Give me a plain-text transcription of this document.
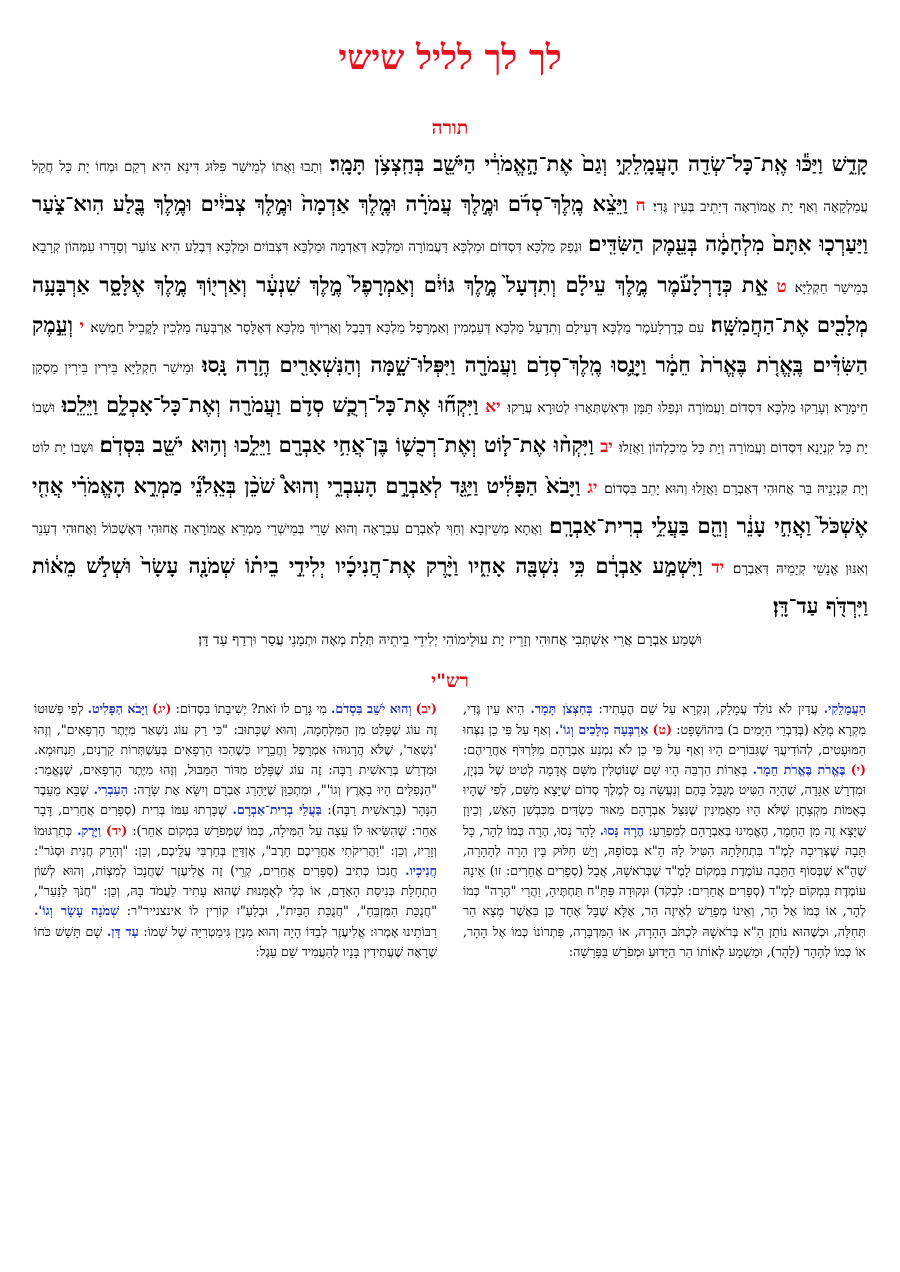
לך לך לליל שישי
תורה
קָדֵ֑שׁ וַיַּכּ֕וּ אֶֽת־כָּל־שְׂדֵ֖ה הָעֲמָֽלֵקִ֑י וְגַם֙ אֶת־הָ֣אֱמֹרִ֔י הַיֹּשֵׁ֖ב בְּחַֽצְצֹ֥ן תָּמָֽר׃ וְתָבוּ וַאֲתוֹ לְמֵישַׁר פִּלּוּג דִּינָא הִיא רְקַם וּמְחוֹ יָת כָּל חֲקַל עֲמַלְקָאָה וְאַף יָת אֱמוֹרָאָה דְּיָתֵיב בְּעֵין גֶּדִי׃ ח וַיֵּצֵ֨א מֶֽלֶךְ־סְדֹ֜ם וּמֶ֣לֶךְ עֲמֹרָ֗ה וּמֶ֤לֶךְ אַדְמָה֙ וּמֶ֣לֶךְ צְבֹיִ֔ים וּמֶ֥לֶךְ בֶּ֖לַע הִוא־צֹ֑עַר וַיַּעַרְכ֤וּ אִתָּם֙ מִלְחָמָ֔ה בְּעֵ֖מֶק הַשִּׂדִּֽים׃ וּנְפַק מַלְכָּא דִּסְדוֹם וּמַלְכָּא דַּעֲמוֹרָה וּמַלְכָּא דְּאַדְמָה וּמַלְכָּא דִּצְבוֹיִם וּמַלְכָּא דְּבֶלַע הִיא צוֹעַר וְסַדָּרוּ עִמְּהוֹן קְרָבָא בְּמֵישַׁר חַקְלַיָּא׃ ט אֵ֣ת כְּדָרְלָעֹ֡מֶר מֶ֣לֶךְ עֵילָ֗ם וְתִדְעָל֙ מֶ֣לֶךְ גּוֹיִ֔ם וְאַמְרָפֶל֙ מֶ֣לֶךְ שִׁנְעָ֔ר וְאַרְי֖וֹךְ מֶ֣לֶךְ אֶלָּסָ֑ר אַרְבָּעָ֥ה מְלָכִ֖ים אֶת־הַחֲמִשָּֽׁה׃ עִם כְּדָרְלָעֹמֶר מַלְכָּא דְּעֵילָם וְתִדְעָל מַלְכָּא דְּעַמְמִין וְאַמְרָפֶל מַלְכָּא דְּבָבֶל וְאַרְיוֹךְ מַלְכָּא דְּאֶלָּסָר אַרְבְּעָה מַלְכִין לָקֳבֵיל חַמְשָׁא׃ י וְעֵ֣מֶק הַשִּׂדִּ֗ים בֶּֽאֱרֹ֤ת בֶּאֱרֹת֙ חֵמָ֔ר וַיָּנֻ֛סוּ מֶֽלֶךְ־סְדֹ֥ם וַעֲמֹרָ֖ה וַיִּפְּלוּ־שָׁ֑מָּה וְהַנִּשְׁאָרִ֖ים הֶ֥רָה נָּֽסוּ׃ וּמֵישַׁר חַקְלַיָּא בֵּירִין בֵּירִין מַסְקָן חֵימָרָא וְעָרַקוּ מַלְכָּא דִּסְדוֹם וַעֲמוֹרָה וּנְפַלוּ תַּמָּן וּדְאִשְׁתְּאָרוּ לְטוּרָא עֲרַקוּ׃ יא וַיִּקְח֞וּ אֶת־כָּל־רְכֻ֧שׁ סְדֹ֛ם וַעֲמֹרָ֖ה וְאֶת־כָּל־אָכְלָ֑ם וַיֵּלֵֽכוּ׃ וּשְׁבוֹ יָת כָּל קִנְיָנָא דִּסְדוֹם וַעֲמוֹרָה וְיָת כָּל מֵיכַלְהוֹן וַאֲזַלוּ׃ יב וַיִּקְח֨וּ אֶת־ל֧וֹט וְאֶת־רְכֻשׁ֛וֹ בֶּן־אֲחִ֥י אַבְרָ֖ם וַיֵּלֵ֑כוּ וְה֥וּא יֹשֵׁ֖ב בִּסְדֹֽם׃ וּשְׁבוֹ יָת לוֹט וְיָת קִנְיָנֵיהּ בַּר אֲחוּהִי דְּאַבְרָם וַאֲזַלוּ וְהוּא יָתֵב בִּסְדוֹם׃ יג וַיָּבֹא֙ הַפָּלִ֔יט וַיַּגֵּ֖ד לְאַבְרָ֣ם הָעִבְרִ֑י וְהוּא֩ שֹׁכֵ֨ן בְּאֵֽלֹנֵ֜י מַמְרֵ֣א הָאֱמֹרִ֗י אֲחִ֤י אֶשְׁכֹּל֙ וַאֲחִ֣י עָנֵ֔ר וְהֵ֖ם בַּעֲלֵ֥י בְרִית־אַבְרָֽם׃ וַאֲתָא מְשֵׁיזְבָא וְחַוִּי לְאַבְרָם עִבְרָאָה וְהוּא שָׁרֵי בְּמֵישְׁרֵי מַמְרֵא אֱמוֹרָאָה אֲחוּהִי דְּאֶשְׁכּוֹל וַאֲחוּהִי דְעָנֵר וְאִנּוּן אֱנָשֵׁי קְיָמֵיהּ דְּאַבְרָם׃ יד וַיִּשְׁמַ֣ע אַבְרָ֔ם כִּ֥י נִשְׁבָּ֖ה אָחִ֑יו וַיָּ֨רֶק אֶת־חֲנִיכָ֜יו יְלִידֵ֣י בֵית֗וֹ שְׁמֹנָ֤ה עָשָׂר֙ וּשְׁלֹ֣שׁ מֵא֔וֹת וַיִּרְדֹּ֖ף עַד־דָּֽן׃
וּשְׁמַע אַבְרָם אֲרֵי אִשְׁתְּבִי אֲחוּהִי וְזָרֵיז יָת עוּלֵימוֹהִי יְלִידֵי בֵיתֵיהּ תְּלָת מְאָה וּתְמָנֵי עֲסַר וּרְדַף עַד דָּן׃
רש"י
הָעֲמָלֵקִי. עֲדַיִן לֹא נוֹלַד עֲמָלֵק, וְנִקְרָא עַל שֵׁם הֶעָתִיד: בְּחַצְצֹן תָּמָר. הִיא עֵין גֶּדִי, מִקְרָא מָלֵא (בְּדִבְרֵי הַיָּמִים ב) בִּיהוֹשָׁפָט: (ט) אַרְבָּעָה מְלָכִים וְגוֹ'. וְאַף עַל פִּי כֵן נִצְּחוּ הַמּוּעָטִים, לְהוֹדִיעֲךָ שֶׁגִּבּוֹרִים הָיוּ וְאַף עַל פִּי כֵן לֹא נִמְנַע אַבְרָהָם מִלִּרְדֹּף אַחֲרֵיהֶם: (י) בֶּאֱרֹת בֶּאֱרֹת חֵמָר. בְּאֵרוֹת הַרְבֵּה הָיוּ שָׁם שֶׁנּוֹטְלִין מִשָּׁם אֲדָמָה לְטִיט שֶׁל בִּנְיָן, וּמִדְרַשׁ אַגָּדָה, שֶׁהָיָה הַטִּיט מְגֻבָּל בָּהֶם וְנַעֲשָׂה נֵס לְמֶלֶךְ סְדוֹם שֶׁיָּצָא מִשָּׁם, לְפִי שֶׁהָיוּ בָאֻמּוֹת מִקְצָתָן שֶׁלֹּא הָיוּ מַאֲמִינִין שֶׁנִּצַּל אַבְרָהָם מֵאוּר כַּשְׂדִּים מִכִּבְשַׁן הָאֵשׁ, וְכֵיוָן שֶׁיָּצָא זֶה מִן הַחֵמָר, הֶאֱמִינוּ בְּאַבְרָהָם לְמַפְרֵעַ: הֶרָה נָּסוּ. לָהָר נָסוּ, הֶרָה כְּמוֹ לְהָר, כָּל תֵּבָה שֶׁצְּרִיכָה לָמֶ"ד בִּתְחִלָּתָהּ הִטִּיל לָהּ הֵ"א בְּסוֹפָהּ, וְיֵשׁ חִלּוּק בֵּין הָרָה לְהָהָרָה, שֶׁהֵ"א שֶׁבְּסוֹף הַתֵּבָה עוֹמֶדֶת בִּמְקוֹם לָמֶ"ד שֶׁבְּרֹאשָׁהּ, אֲבָל (סְפָרִים אֲחֵרִים: זו) אֵינָהּ עוֹמֶדֶת בִּמְקוֹם לָמֶ"ד (סְפָרִים אֲחֵרִים: לִבְקֹד) וּנְקוּדָה פַּתָּ"ח תַּחְתֶּיהָ, וַהֲרֵי "הֶרָה" כְּמוֹ לְהָר, אוֹ כְּמוֹ אֶל הַר, וְאֵינוֹ מְפָרֵשׁ לְאֵיזֶה הַר, אֶלָּא שֶׁבָּל אֶחָד כֵּן בַּאֲשֶׁר מָצָא הַר תְּחִלָּה, וּכְשֶׁהוּא נוֹתֵן הֵ"א בְּרֹאשָׁהּ לִכְתֹּב הָהָרָה, אוֹ הַמִּדְבָּרָה, פִּתְרוֹנוֹ כְּמוֹ אֶל הָהָר, אוֹ כְּמוֹ לְהָהָר (לָהָר), וּמַשְׁמָע לְאוֹתוֹ הַר הַיָּדוּעַ וּמְפֹרָשׁ בַּפָּרָשָׁה:
(יב) וְהוּא יֹשֵׁב בִּסְדֹם. מִי גָּרַם לוֹ זֹאת? יְשִׁיבָתוֹ בִּסְדוֹם: (יג) וַיָּבֹא הַפָּלִיט. לְפִי פְּשׁוּטוֹ זֶה עוֹג שֶׁפָּלַט מִן הַמִּלְחָמָה, וְהוּא שֶׁכָּתוּב: "כִּי רַק עוֹג נִשְׁאַר מִיֶּתֶר הָרְפָאִים", וְזֶהוּ 'נִשְׁאַר', שֶׁלֹּא הֲרָגוּהוּ אַמְרָפֶל וַחֲבֵרָיו כְּשֶׁהִכּוּ הָרְפָאִים בְּעַשְׁתְּרוֹת קַרְנַיִם, תַּנְחוּמָא. וּמִדְרַשׁ בְּרֵאשִׁית רַבָּה: זֶה עוֹג שֶׁפָּלַט מִדּוֹר הַמַּבּוּל, וְזֶהוּ מִיֶּתֶר הָרְפָאִים, שֶׁנֶּאֱמַר: "הַנְּפִלִים הָיוּ בָאָרֶץ וְגוֹ'", וּמִתְכַּוֵּן שֶׁיֵּהָרֵג אַבְרָם וְיִשָּׂא אֶת שָׂרָה: הָעִבְרִי. שֶׁבָּא מֵעֵבֶר הַנָּהָר (בְּרֵאשִׁית רַבָּה): בַּעֲלֵי בְרִית־אַבְרָם. שֶׁכָּרְתוּ עִמּוֹ בְּרִית (סְפָרִים אֲחֵרִים, דָּבָר אַחֵר: שֶׁהִשִּׂיאוּ לוֹ עֵצָה עַל הַמִּילָה, כְּמוֹ שֶׁמְּפֹרָשׁ בִּמְקוֹם אַחֵר): (יד) וַיָּרֶק. כְּתַרְגּוּמוֹ וְזָרֵיז, וְכֵן: "וַהֲרִיקֹתִי אַחֲרֵיכֶם חָרֶב", אֶזְדַּיֵּן בְּחַרְבִּי עֲלֵיכֶם, וְכֵן: "וְהָרֵק חֲנִית וּסְגֹר": חֲנִיכָיו. חֲנִכוֹ כְּתִיב (סְפָרִים אֲחֵרִים, קְרֵי) זֶה אֱלִיעֶזֶר שֶׁחֲנָכוֹ לְמִצְוֹת, וְהוּא לְשׁוֹן הַתְחָלַת כְּנִיסַת הָאָדָם, אוֹ כְּלִי לְאֻמָּנוּת שֶׁהוּא עָתִיד לַעֲמֹד בָּהּ, וְכֵן: "חֲנֹךְ לַנַּעַר", "חֲנֻכַּת הַמִּזְבֵּחַ", "חֲנֻכַּת הַבַּיִת", וּבְלַעַ"ז קוֹרִין לוֹ אינצנייר"ר: שְׁמֹנָה עָשָׂר וְגוֹ'. רַבּוֹתֵינוּ אָמְרוּ: אֱלִיעֶזֶר לְבַדּוֹ הָיָה וְהוּא מִנְיַן גִּימַטְרִיָּה שֶׁל שְׁמוֹ: עַד דָּן. שָׁם תָּשַׁשׁ כֹּחוֹ שֶׁרָאָה שֶׁעֲתִידִין בָּנָיו לְהַעֲמִיד שָׁם עֵגֶל:
